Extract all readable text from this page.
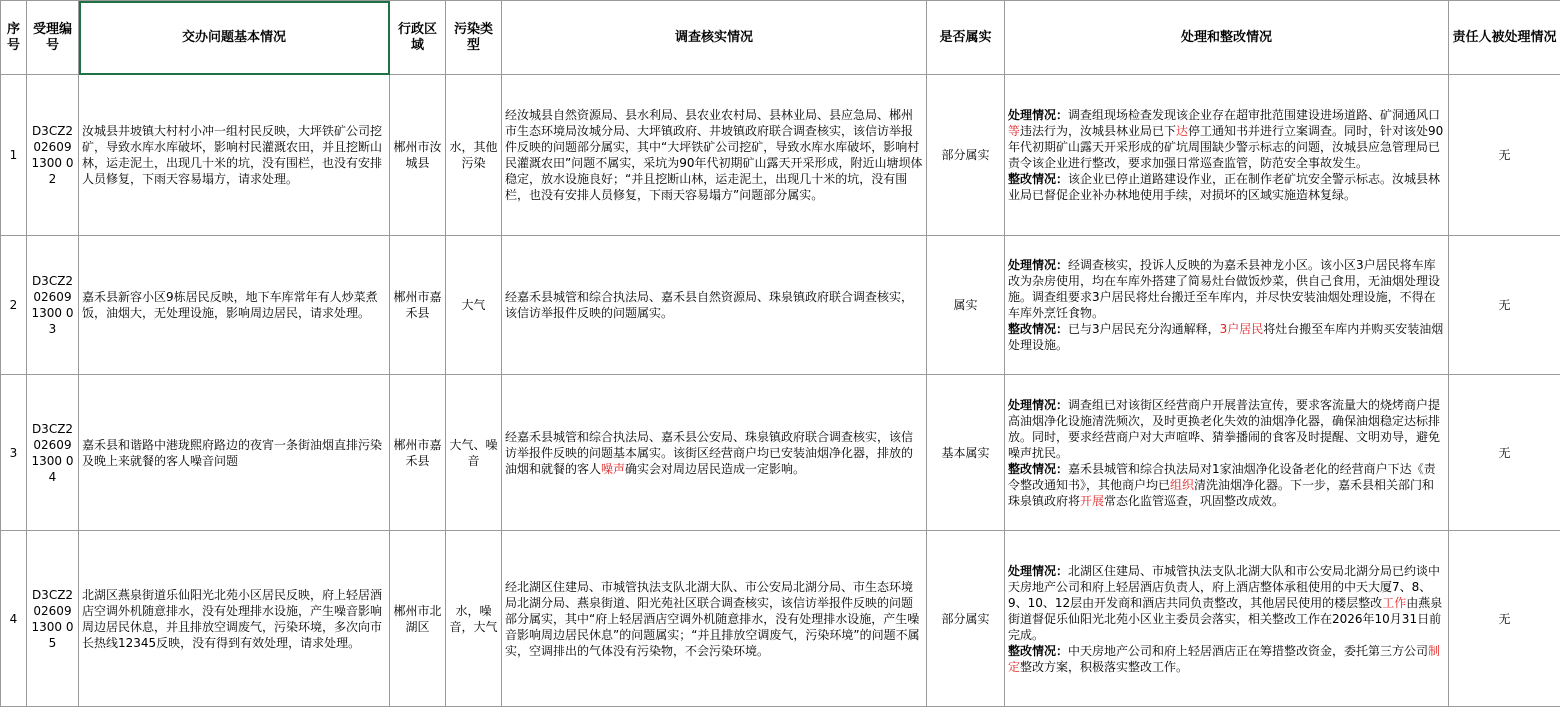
序号	受理编号	交办问题基本情况	行政区域	污染类型	调查核实情况	是否属实	处理和整改情况	责任人被处理情况
1	D3CZ2026091300 02	汝城县井坡镇大村村小冲一组村民反映，大坪铁矿公司挖矿，导致水库水库破坏，影响村民灌溉农田，并且挖断山林，运走泥土，出现几十米的坑，没有围栏，也没有安排人员修复，下雨天容易塌方，请求处理。	郴州市汝城县	水，其他污染	经汝城县自然资源局、县水利局、县农业农村局、县林业局、县应急局、郴州市生态环境局汝城分局、大坪镇政府、井坡镇政府联合调查核实，该信访举报件反映的问题部分属实，其中“大坪铁矿公司挖矿，导致水库水库破坏，影响村民灌溉农田”问题不属实，采坑为90年代初期矿山露天开采形成，附近山塘坝体稳定，放水设施良好；“并且挖断山林，运走泥土，出现几十米的坑，没有围栏，也没有安排人员修复，下雨天容易塌方”问题部分属实。	部分属实	处理情况：调查组现场检查发现该企业存在超审批范围建设进场道路、矿洞通风口等违法行为，汝城县林业局已下达停工通知书并进行立案调查。同时，针对该处90年代初期矿山露天开采形成的矿坑周围缺少警示标志的问题，汝城县应急管理局已责令该企业进行整改，要求加强日常巡查监管，防范安全事故发生。
整改情况：该企业已停止道路建设作业，正在制作老矿坑安全警示标志。汝城县林业局已督促企业补办林地使用手续，对损坏的区域实施造林复绿。	无
2	D3CZ2026091300 03	嘉禾县新容小区9栋居民反映，地下车库常年有人炒菜煮饭，油烟大，无处理设施，影响周边居民，请求处理。	郴州市嘉禾县	大气	经嘉禾县城管和综合执法局、嘉禾县自然资源局、珠泉镇政府联合调查核实，该信访举报件反映的问题属实。	属实	处理情况：经调查核实，投诉人反映的为嘉禾县神龙小区。该小区3户居民将车库改为杂房使用，均在车库外搭建了简易灶台做饭炒菜，供自己食用，无油烟处理设施。调查组要求3户居民将灶台搬迁至车库内，并尽快安装油烟处理设施，不得在车库外烹饪食物。
整改情况：已与3户居民充分沟通解释，3户居民将灶台搬至车库内并购买安装油烟处理设施。	无
3	D3CZ2026091300 04	嘉禾县和谐路中港珑熙府路边的夜宵一条街油烟直排污染及晚上来就餐的客人噪音问题	郴州市嘉禾县	大气、噪音	经嘉禾县城管和综合执法局、嘉禾县公安局、珠泉镇政府联合调查核实，该信访举报件反映的问题基本属实。该街区经营商户均已安装油烟净化器，排放的油烟和就餐的客人噪声确实会对周边居民造成一定影响。	基本属实	处理情况：调查组已对该街区经营商户开展普法宣传，要求客流量大的烧烤商户提高油烟净化设施清洗频次，及时更换老化失效的油烟净化器，确保油烟稳定达标排放。同时，要求经营商户对大声喧哗、猜拳播闹的食客及时提醒、文明劝导，避免噪声扰民。
整改情况：嘉禾县城管和综合执法局对1家油烟净化设备老化的经营商户下达《责令整改通知书》，其他商户均已组织清洗油烟净化器。下一步，嘉禾县相关部门和珠泉镇政府将开展常态化监管巡查，巩固整改成效。	无
4	D3CZ2026091300 05	北湖区燕泉街道乐仙阳光北苑小区居民反映，府上轻居酒店空调外机随意排水，没有处理排水设施，产生噪音影响周边居民休息，并且排放空调废气，污染环境，多次向市长热线12345反映，没有得到有效处理，请求处理。	郴州市北湖区	水，噪音，大气	经北湖区住建局、市城管执法支队北湖大队、市公安局北湖分局、市生态环境局北湖分局、燕泉街道、阳光苑社区联合调查核实，该信访举报件反映的问题部分属实，其中“府上轻居酒店空调外机随意排水，没有处理排水设施，产生噪音影响周边居民休息”的问题属实；“并且排放空调废气，污染环境”的问题不属实，空调排出的气体没有污染物，不会污染环境。	部分属实	处理情况：北湖区住建局、市城管执法支队北湖大队和市公安局北湖分局已约谈中天房地产公司和府上轻居酒店负责人，府上酒店整体承租使用的中天大厦7、8、9、10、12层由开发商和酒店共同负责整改，其他居民使用的楼层整改工作由燕泉街道督促乐仙阳光北苑小区业主委员会落实，相关整改工作在2026年10月31日前完成。
整改情况：中天房地产公司和府上轻居酒店正在筹措整改资金，委托第三方公司制定整改方案，积极落实整改工作。	无
